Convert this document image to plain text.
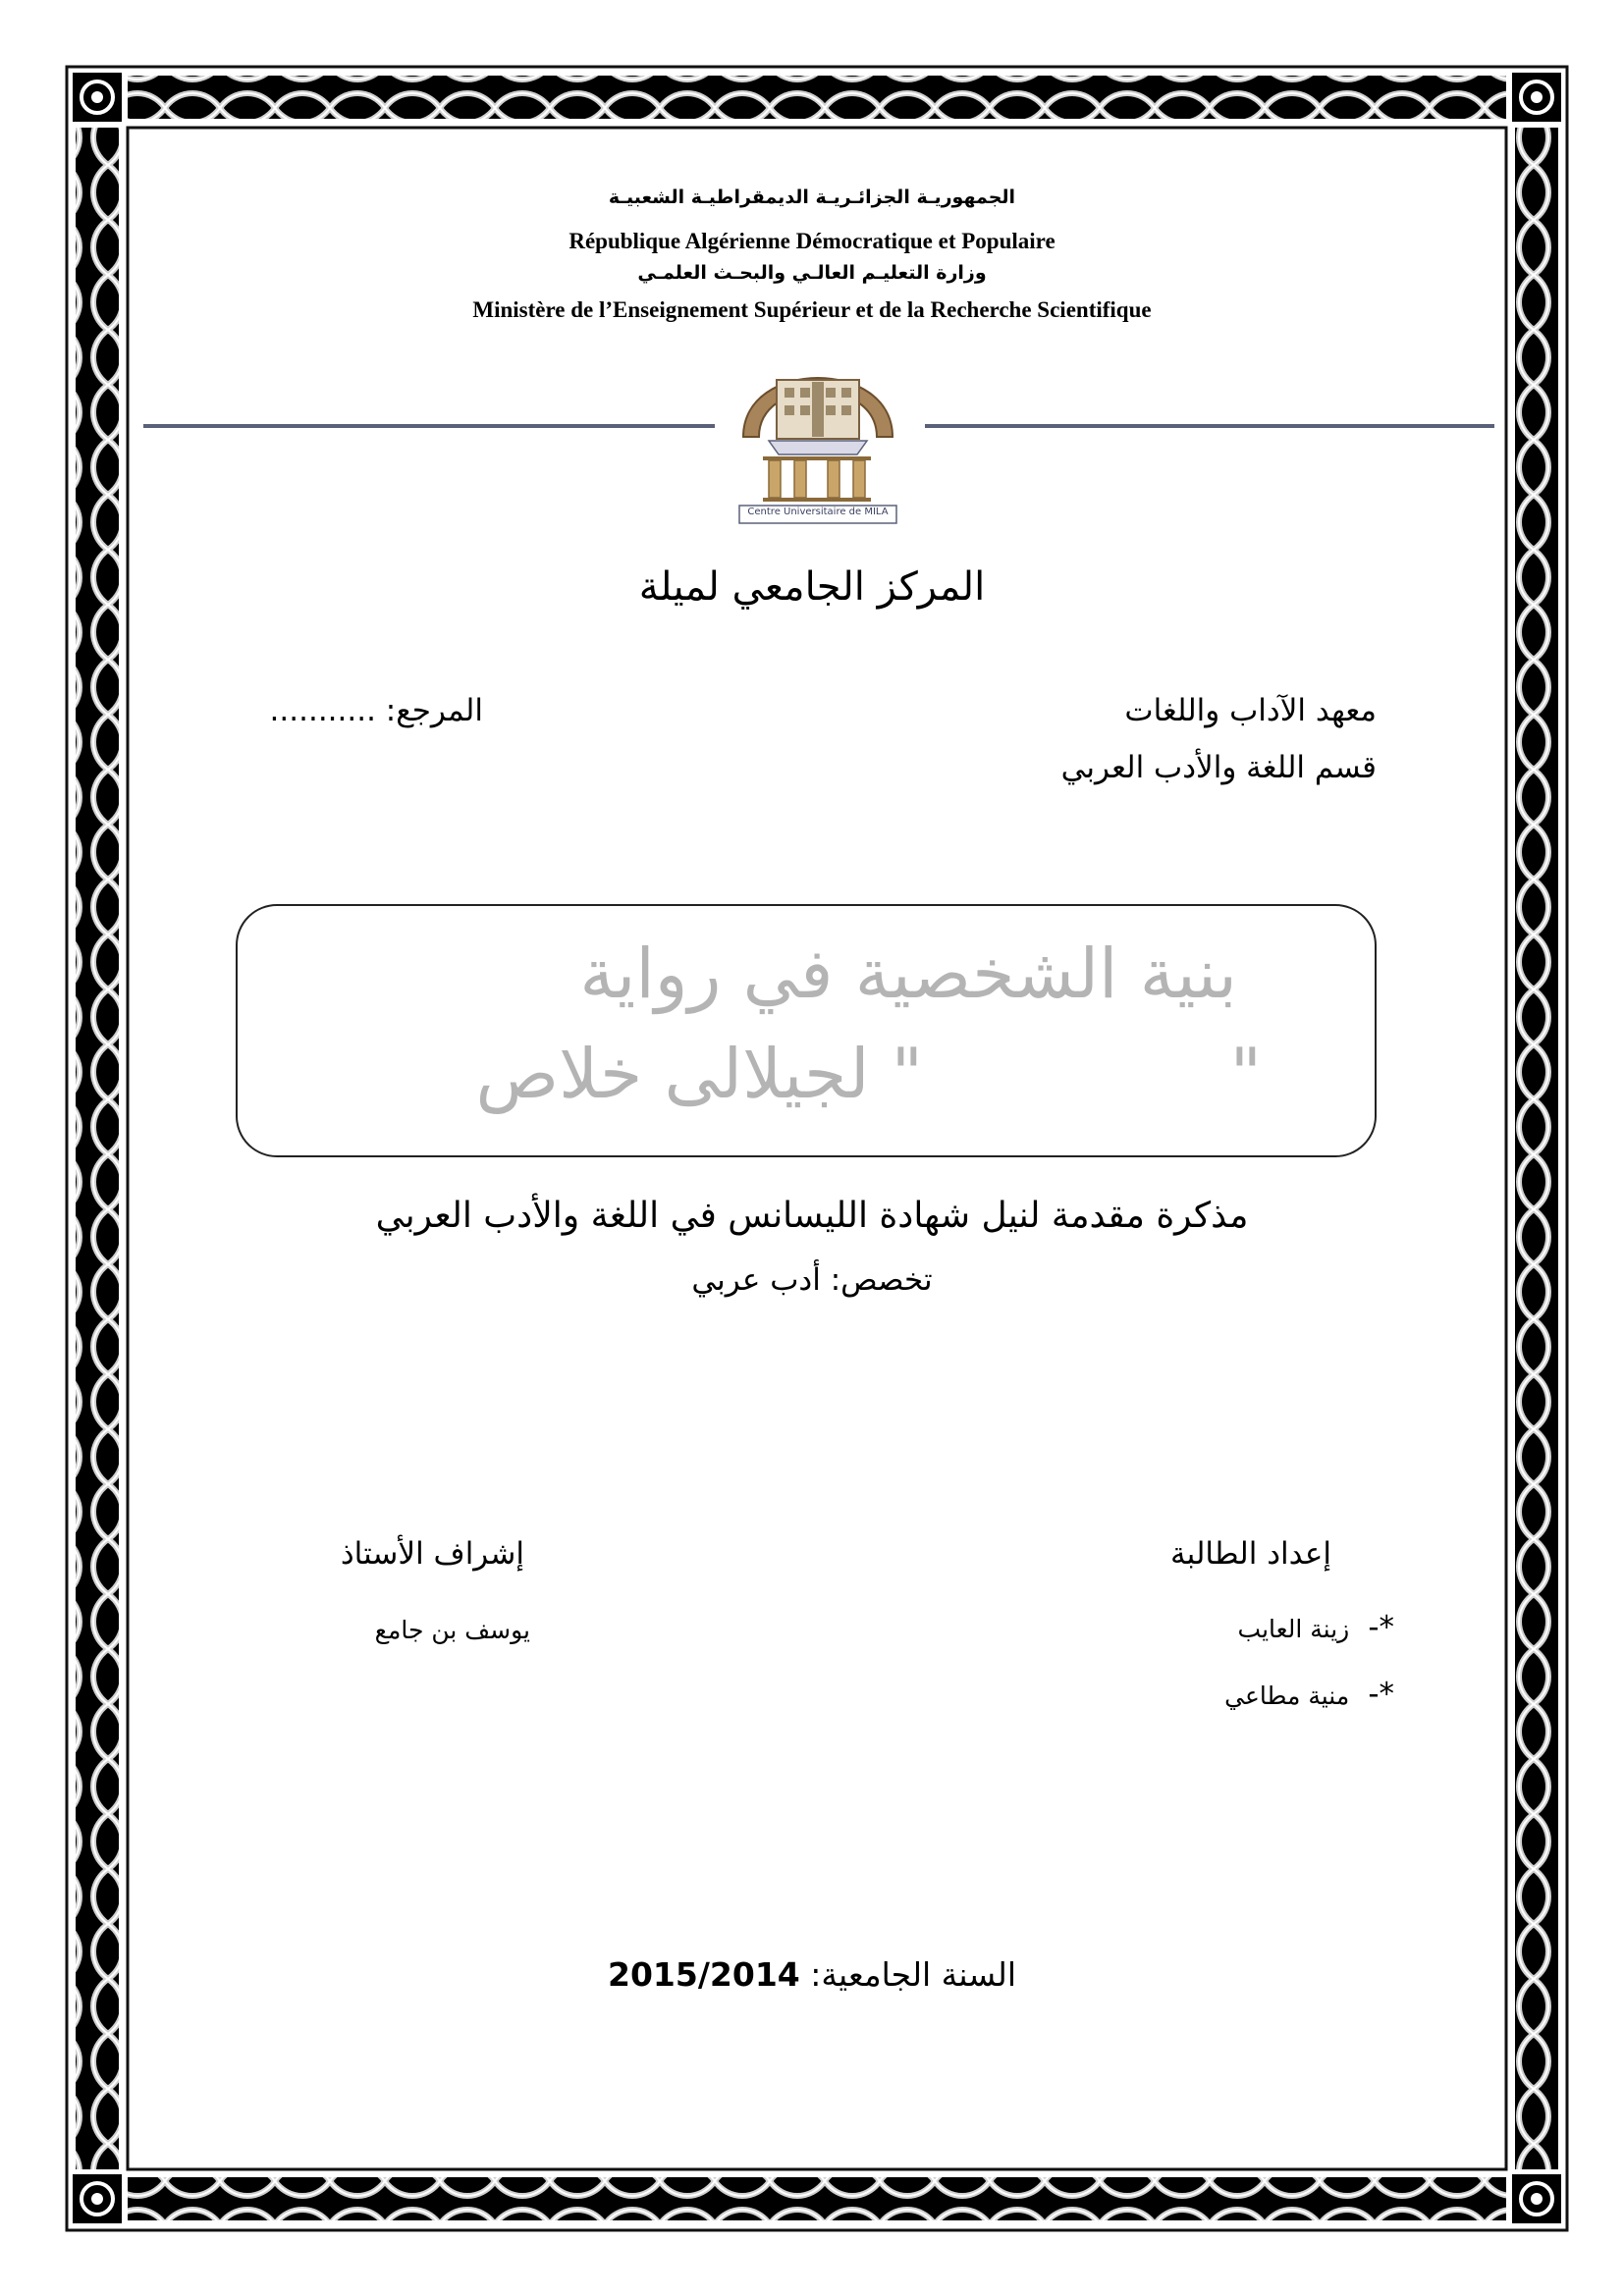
الجمهوريـة الجزائـريـة الديمقراطيـة الشعبيـة
République Algérienne Démocratique et Populaire
وزارة التعليـم العالـي والبحـث العلمـي
Ministère de l’Enseignement Supérieur et de la Recherche Scientifique
Centre Universitaire de MILA
المركز الجامعي لميلة
معهد الآداب واللغات
قسم اللغة والأدب العربي
المرجع: ...........
بنية الشخصية في رواية
"
" لجيلالى خلاص
مذكرة مقدمة لنيل شهادة الليسانس في اللغة والأدب العربي
تخصص: أدب عربي
إعداد الطالبة
*- زينة العايب
*- منية مطاعي
إشراف الأستاذ
يوسف بن جامع
السنة الجامعية: 2015/2014
